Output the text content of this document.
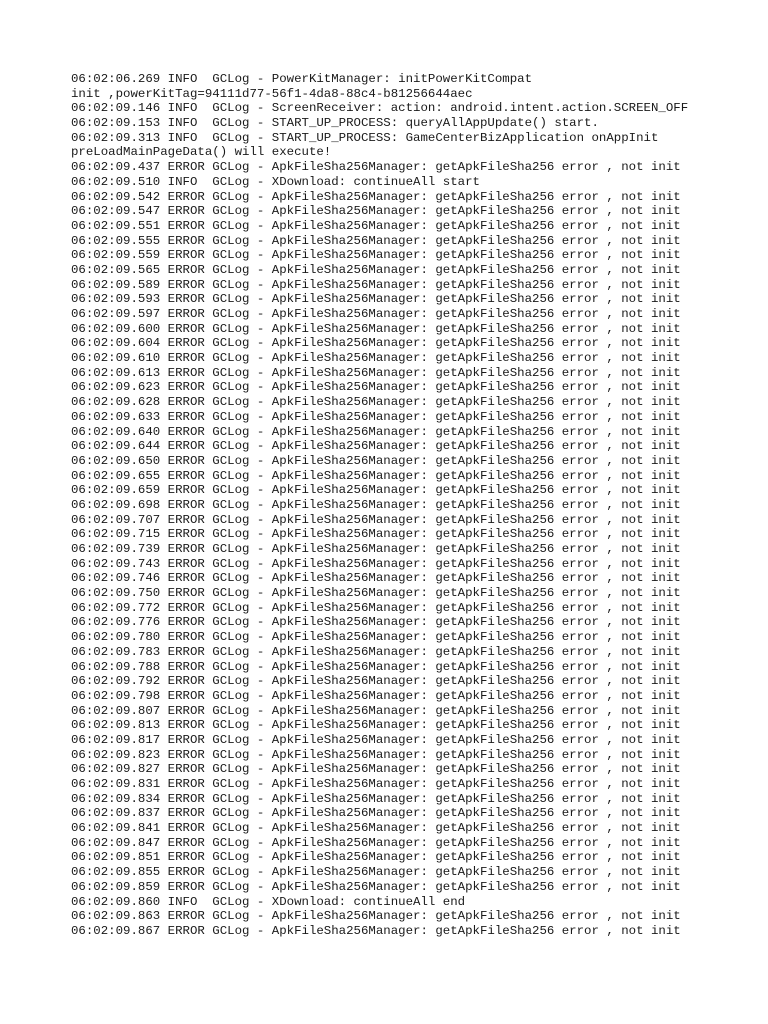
06:02:06.269 INFO  GCLog - PowerKitManager: initPowerKitCompat
init ,powerKitTag=94111d77-56f1-4da8-88c4-b81256644aec
06:02:09.146 INFO  GCLog - ScreenReceiver: action: android.intent.action.SCREEN_OFF
06:02:09.153 INFO  GCLog - START_UP_PROCESS: queryAllAppUpdate() start.
06:02:09.313 INFO  GCLog - START_UP_PROCESS: GameCenterBizApplication onAppInit
preLoadMainPageData() will execute!
06:02:09.437 ERROR GCLog - ApkFileSha256Manager: getApkFileSha256 error , not init
06:02:09.510 INFO  GCLog - XDownload: continueAll start
06:02:09.542 ERROR GCLog - ApkFileSha256Manager: getApkFileSha256 error , not init
06:02:09.547 ERROR GCLog - ApkFileSha256Manager: getApkFileSha256 error , not init
06:02:09.551 ERROR GCLog - ApkFileSha256Manager: getApkFileSha256 error , not init
06:02:09.555 ERROR GCLog - ApkFileSha256Manager: getApkFileSha256 error , not init
06:02:09.559 ERROR GCLog - ApkFileSha256Manager: getApkFileSha256 error , not init
06:02:09.565 ERROR GCLog - ApkFileSha256Manager: getApkFileSha256 error , not init
06:02:09.589 ERROR GCLog - ApkFileSha256Manager: getApkFileSha256 error , not init
06:02:09.593 ERROR GCLog - ApkFileSha256Manager: getApkFileSha256 error , not init
06:02:09.597 ERROR GCLog - ApkFileSha256Manager: getApkFileSha256 error , not init
06:02:09.600 ERROR GCLog - ApkFileSha256Manager: getApkFileSha256 error , not init
06:02:09.604 ERROR GCLog - ApkFileSha256Manager: getApkFileSha256 error , not init
06:02:09.610 ERROR GCLog - ApkFileSha256Manager: getApkFileSha256 error , not init
06:02:09.613 ERROR GCLog - ApkFileSha256Manager: getApkFileSha256 error , not init
06:02:09.623 ERROR GCLog - ApkFileSha256Manager: getApkFileSha256 error , not init
06:02:09.628 ERROR GCLog - ApkFileSha256Manager: getApkFileSha256 error , not init
06:02:09.633 ERROR GCLog - ApkFileSha256Manager: getApkFileSha256 error , not init
06:02:09.640 ERROR GCLog - ApkFileSha256Manager: getApkFileSha256 error , not init
06:02:09.644 ERROR GCLog - ApkFileSha256Manager: getApkFileSha256 error , not init
06:02:09.650 ERROR GCLog - ApkFileSha256Manager: getApkFileSha256 error , not init
06:02:09.655 ERROR GCLog - ApkFileSha256Manager: getApkFileSha256 error , not init
06:02:09.659 ERROR GCLog - ApkFileSha256Manager: getApkFileSha256 error , not init
06:02:09.698 ERROR GCLog - ApkFileSha256Manager: getApkFileSha256 error , not init
06:02:09.707 ERROR GCLog - ApkFileSha256Manager: getApkFileSha256 error , not init
06:02:09.715 ERROR GCLog - ApkFileSha256Manager: getApkFileSha256 error , not init
06:02:09.739 ERROR GCLog - ApkFileSha256Manager: getApkFileSha256 error , not init
06:02:09.743 ERROR GCLog - ApkFileSha256Manager: getApkFileSha256 error , not init
06:02:09.746 ERROR GCLog - ApkFileSha256Manager: getApkFileSha256 error , not init
06:02:09.750 ERROR GCLog - ApkFileSha256Manager: getApkFileSha256 error , not init
06:02:09.772 ERROR GCLog - ApkFileSha256Manager: getApkFileSha256 error , not init
06:02:09.776 ERROR GCLog - ApkFileSha256Manager: getApkFileSha256 error , not init
06:02:09.780 ERROR GCLog - ApkFileSha256Manager: getApkFileSha256 error , not init
06:02:09.783 ERROR GCLog - ApkFileSha256Manager: getApkFileSha256 error , not init
06:02:09.788 ERROR GCLog - ApkFileSha256Manager: getApkFileSha256 error , not init
06:02:09.792 ERROR GCLog - ApkFileSha256Manager: getApkFileSha256 error , not init
06:02:09.798 ERROR GCLog - ApkFileSha256Manager: getApkFileSha256 error , not init
06:02:09.807 ERROR GCLog - ApkFileSha256Manager: getApkFileSha256 error , not init
06:02:09.813 ERROR GCLog - ApkFileSha256Manager: getApkFileSha256 error , not init
06:02:09.817 ERROR GCLog - ApkFileSha256Manager: getApkFileSha256 error , not init
06:02:09.823 ERROR GCLog - ApkFileSha256Manager: getApkFileSha256 error , not init
06:02:09.827 ERROR GCLog - ApkFileSha256Manager: getApkFileSha256 error , not init
06:02:09.831 ERROR GCLog - ApkFileSha256Manager: getApkFileSha256 error , not init
06:02:09.834 ERROR GCLog - ApkFileSha256Manager: getApkFileSha256 error , not init
06:02:09.837 ERROR GCLog - ApkFileSha256Manager: getApkFileSha256 error , not init
06:02:09.841 ERROR GCLog - ApkFileSha256Manager: getApkFileSha256 error , not init
06:02:09.847 ERROR GCLog - ApkFileSha256Manager: getApkFileSha256 error , not init
06:02:09.851 ERROR GCLog - ApkFileSha256Manager: getApkFileSha256 error , not init
06:02:09.855 ERROR GCLog - ApkFileSha256Manager: getApkFileSha256 error , not init
06:02:09.859 ERROR GCLog - ApkFileSha256Manager: getApkFileSha256 error , not init
06:02:09.860 INFO  GCLog - XDownload: continueAll end
06:02:09.863 ERROR GCLog - ApkFileSha256Manager: getApkFileSha256 error , not init
06:02:09.867 ERROR GCLog - ApkFileSha256Manager: getApkFileSha256 error , not init
